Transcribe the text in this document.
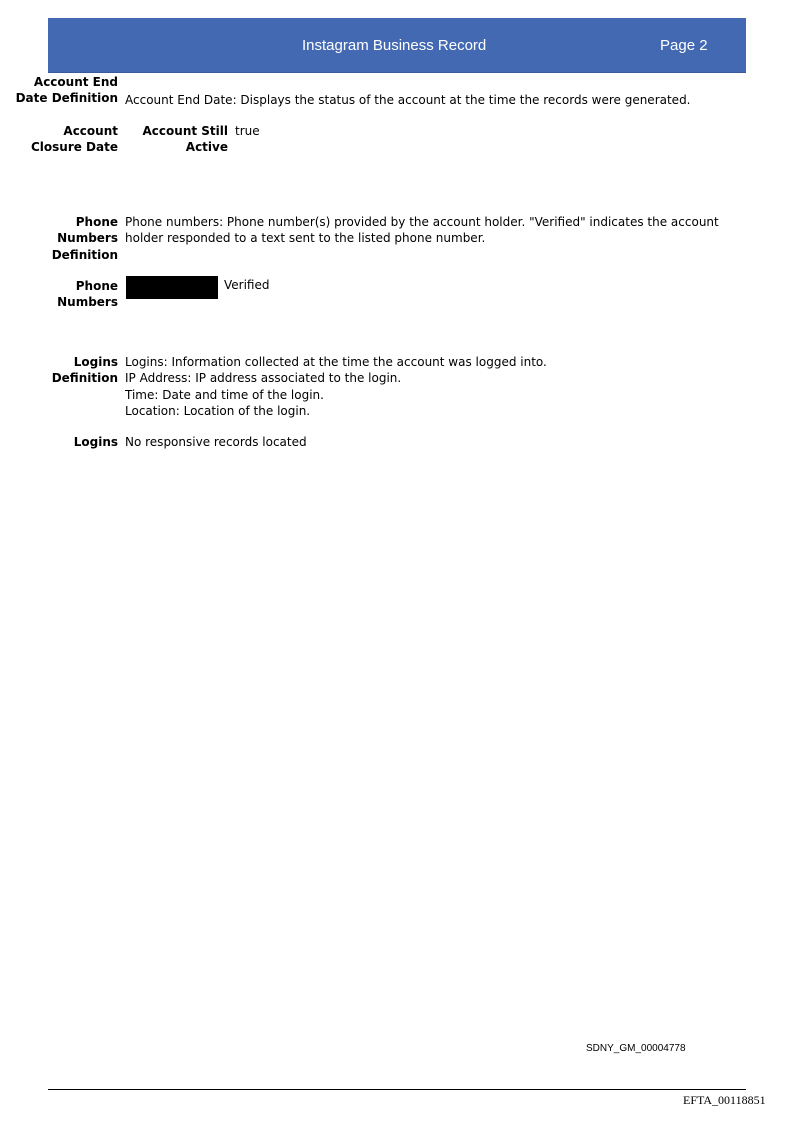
Instagram Business Record	Page 2
Account End
Date Definition Account End Date: Displays the status of the account at the time the records were generated.
Account
Closure Date
Account Still
Active
true
Phone
Numbers
Definition
Phone numbers: Phone number(s) provided by the account holder. "Verified" indicates the account
holder responded to a text sent to the listed phone number.
Phone
Numbers
Verified
Logins
Definition
Logins: Information collected at the time the account was logged into.
IP Address: IP address associated to the login.
Time: Date and time of the login.
Location: Location of the login.
Logins No responsive records located
SDNY_GM_00004778
EFTA_00118851
